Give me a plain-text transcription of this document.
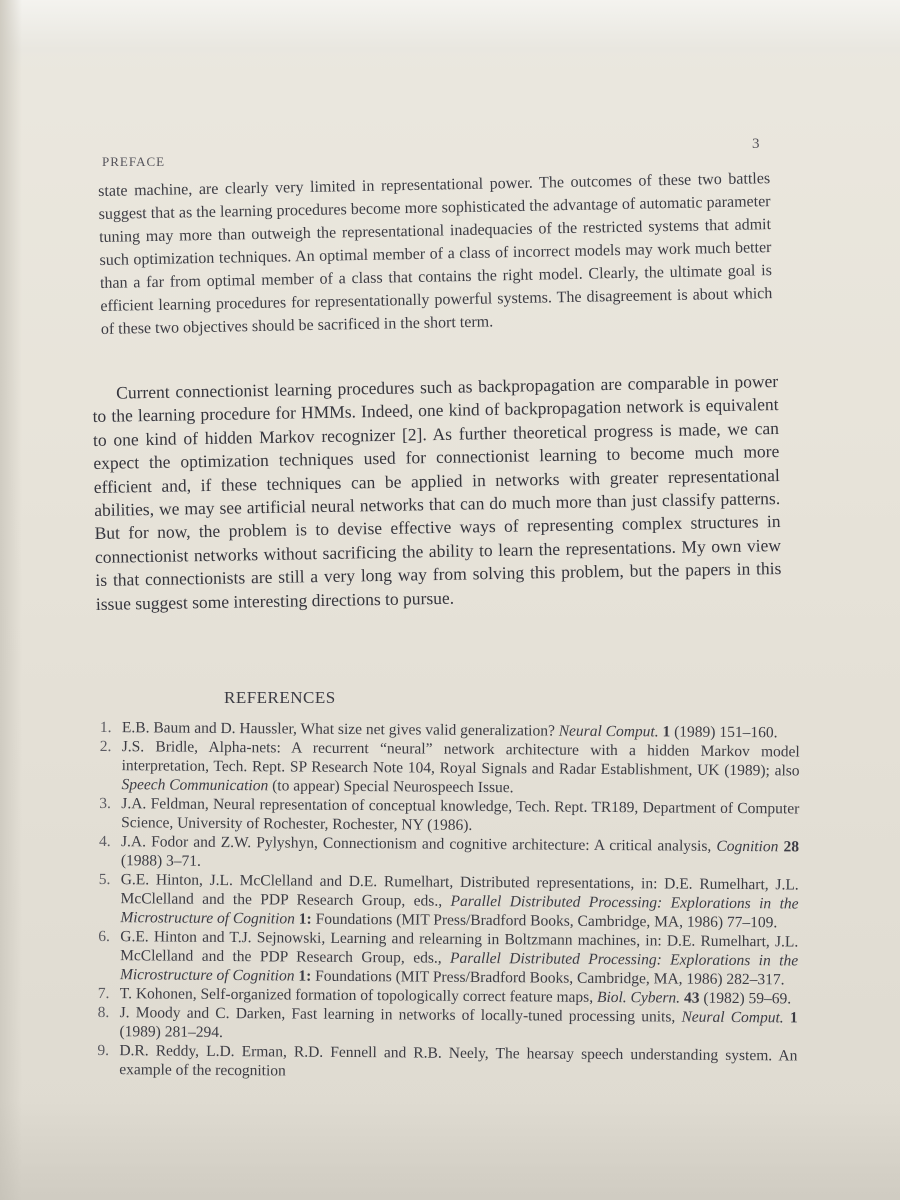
PREFACE
3

state machine, are clearly very limited in representational power. The outcomes of these two battles suggest that as the learning procedures become more sophisticated the advantage of automatic parameter tuning may more than outweigh the representational inadequacies of the restricted systems that admit such optimization techniques. An optimal member of a class of incorrect models may work much better than a far from optimal member of a class that contains the right model. Clearly, the ultimate goal is efficient learning procedures for representationally powerful systems. The disagreement is about which of these two objectives should be sacrificed in the short term.

Current connectionist learning procedures such as backpropagation are comparable in power to the learning procedure for HMMs. Indeed, one kind of backpropagation network is equivalent to one kind of hidden Markov recognizer [2]. As further theoretical progress is made, we can expect the optimization techniques used for connectionist learning to become much more efficient and, if these techniques can be applied in networks with greater representational abilities, we may see artificial neural networks that can do much more than just classify patterns. But for now, the problem is to devise effective ways of representing complex structures in connectionist networks without sacrificing the ability to learn the representations. My own view is that connectionists are still a very long way from solving this problem, but the papers in this issue suggest some interesting directions to pursue.

REFERENCES
1. E.B. Baum and D. Haussler, What size net gives valid generalization? Neural Comput. 1 (1989) 151–160.
2. J.S. Bridle, Alpha-nets: A recurrent “neural” network architecture with a hidden Markov model interpretation, Tech. Rept. SP Research Note 104, Royal Signals and Radar Establishment, UK (1989); also Speech Communication (to appear) Special Neurospeech Issue.
3. J.A. Feldman, Neural representation of conceptual knowledge, Tech. Rept. TR189, Department of Computer Science, University of Rochester, Rochester, NY (1986).
4. J.A. Fodor and Z.W. Pylyshyn, Connectionism and cognitive architecture: A critical analysis, Cognition 28 (1988) 3–71.
5. G.E. Hinton, J.L. McClelland and D.E. Rumelhart, Distributed representations, in: D.E. Rumelhart, J.L. McClelland and the PDP Research Group, eds., Parallel Distributed Processing: Explorations in the Microstructure of Cognition 1: Foundations (MIT Press/Bradford Books, Cambridge, MA, 1986) 77–109.
6. G.E. Hinton and T.J. Sejnowski, Learning and relearning in Boltzmann machines, in: D.E. Rumelhart, J.L. McClelland and the PDP Research Group, eds., Parallel Distributed Processing: Explorations in the Microstructure of Cognition 1: Foundations (MIT Press/Bradford Books, Cambridge, MA, 1986) 282–317.
7. T. Kohonen, Self-organized formation of topologically correct feature maps, Biol. Cybern. 43 (1982) 59–69.
8. J. Moody and C. Darken, Fast learning in networks of locally-tuned processing units, Neural Comput. 1 (1989) 281–294.
9. D.R. Reddy, L.D. Erman, R.D. Fennell and R.B. Neely, The hearsay speech understanding system. An example of the recognition
